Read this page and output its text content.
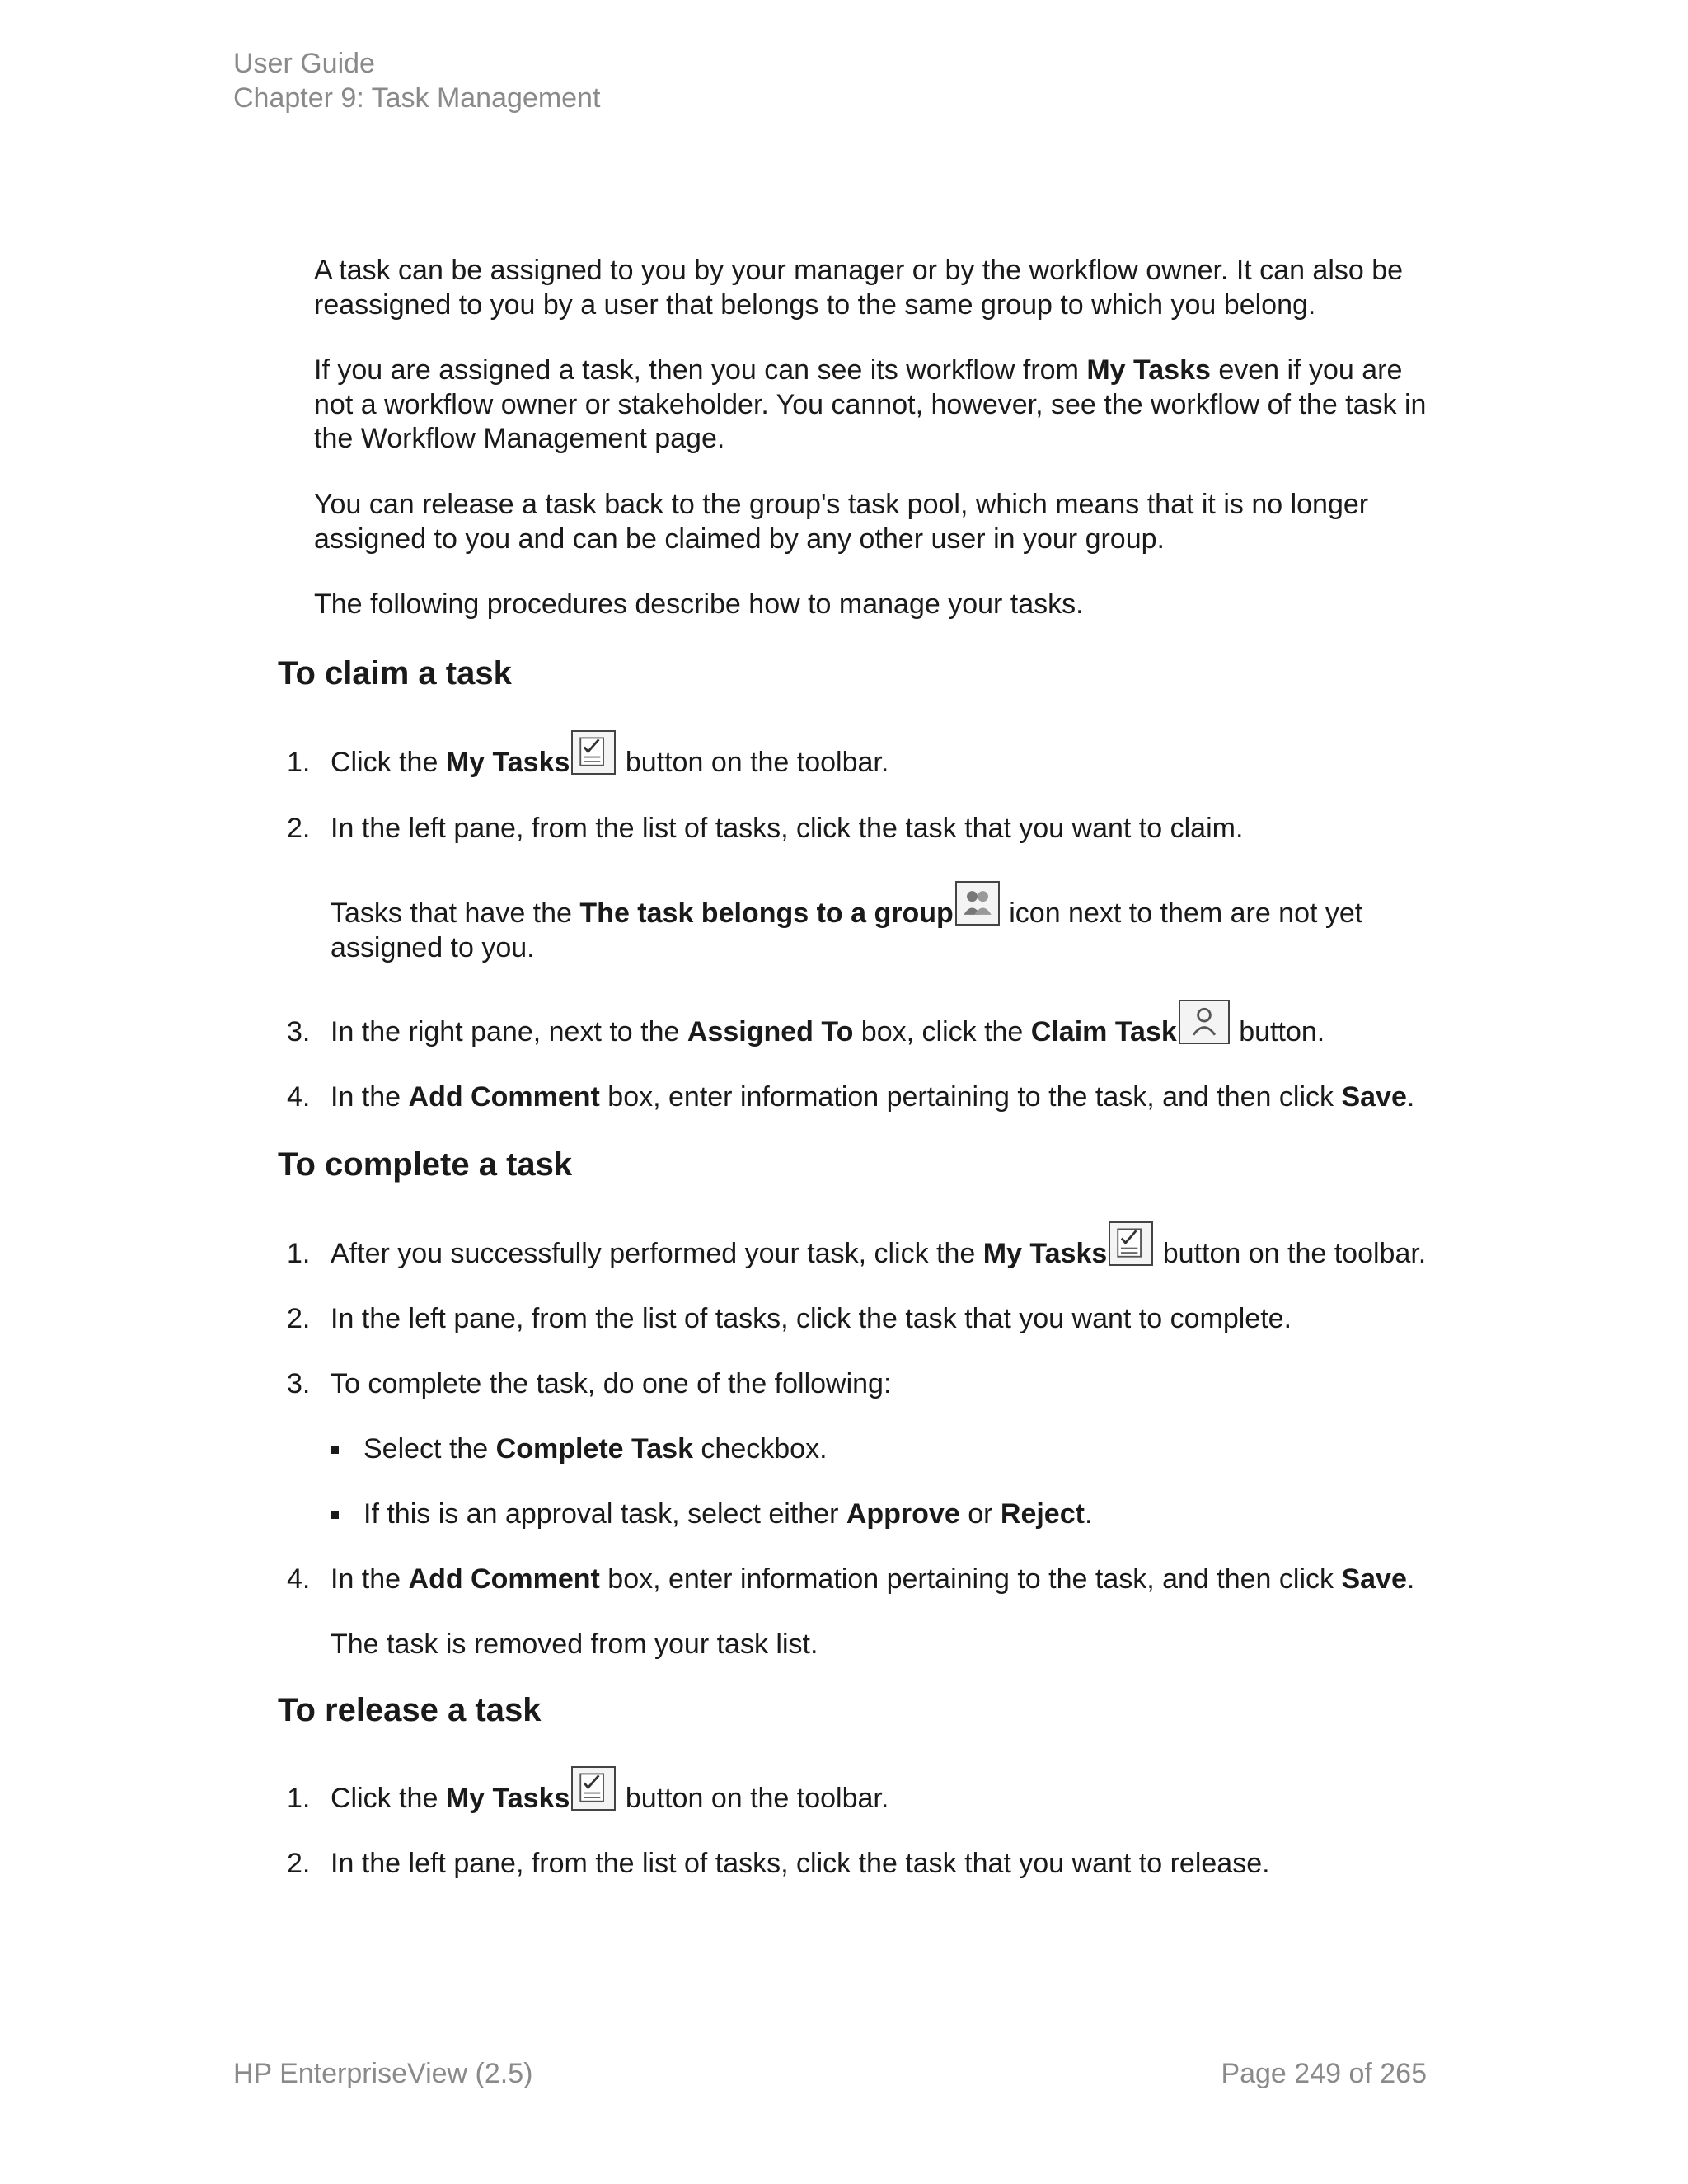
User Guide
Chapter 9: Task Management

A task can be assigned to you by your manager or by the workflow owner. It can also be reassigned to you by a user that belongs to the same group to which you belong.

If you are assigned a task, then you can see its workflow from My Tasks even if you are not a workflow owner or stakeholder. You cannot, however, see the workflow of the task in the Workflow Management page.

You can release a task back to the group's task pool, which means that it is no longer assigned to you and can be claimed by any other user in your group.

The following procedures describe how to manage your tasks.

To claim a task
1. Click the My Tasks
button on the toolbar.
2. In the left pane, from the list of tasks, click the task that you want to claim.
Tasks that have the The task belongs to a group
icon next to them are not yet assigned to you.
3. In the right pane, next to the Assigned To box, click the Claim Task
button.
4. In the Add Comment box, enter information pertaining to the task, and then click Save.
To complete a task
1. After you successfully performed your task, click the My Tasks
button on the toolbar.
2. In the left pane, from the list of tasks, click the task that you want to complete.
3. To complete the task, do one of the following:
Select the Complete Task checkbox.
If this is an approval task, select either Approve or Reject.
4. In the Add Comment box, enter information pertaining to the task, and then click Save.
The task is removed from your task list.
To release a task
1. Click the My Tasks
button on the toolbar.
2. In the left pane, from the list of tasks, click the task that you want to release.
HP EnterpriseView (2.5)	Page 249 of 265
